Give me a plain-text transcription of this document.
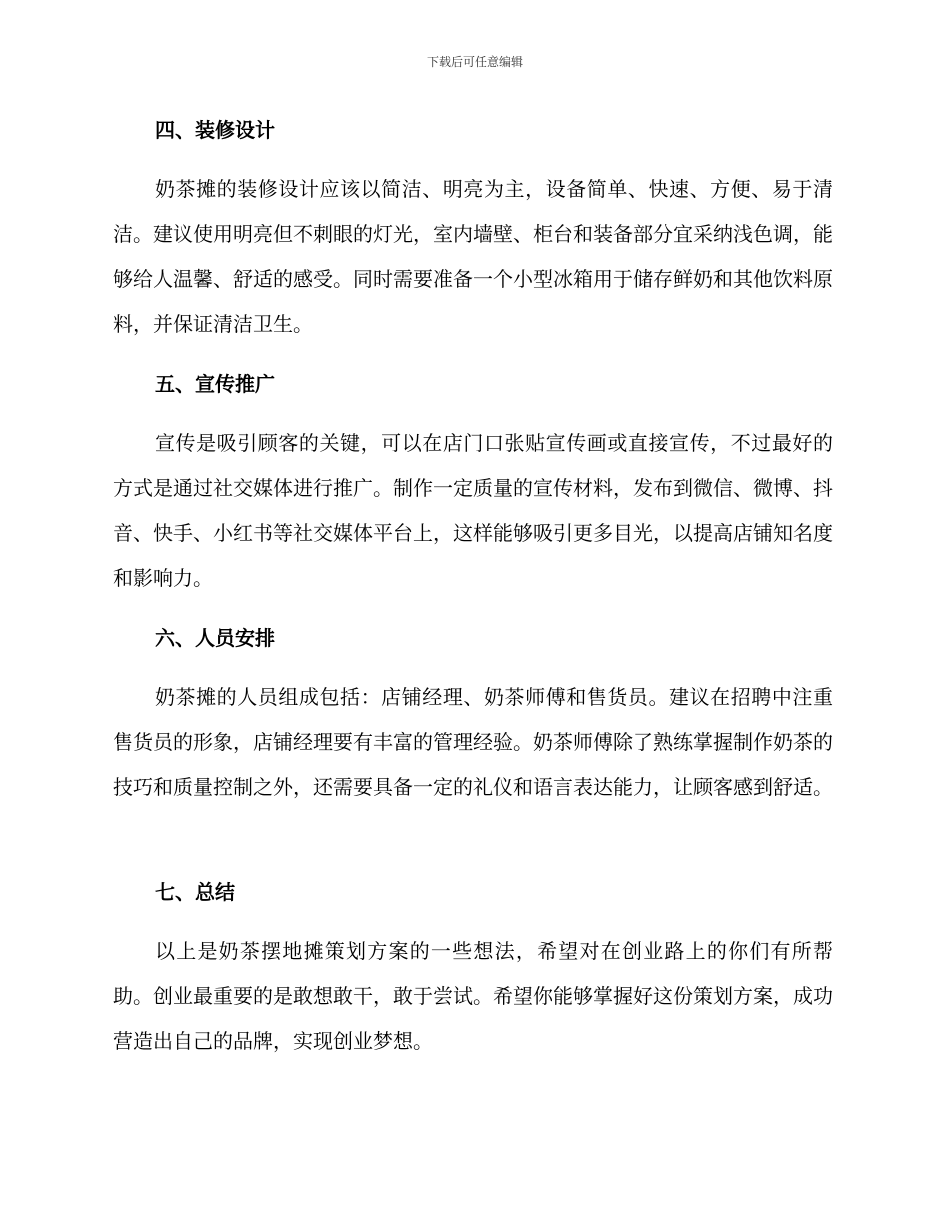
下载后可任意编辑
四、装修设计

奶茶摊的装修设计应该以简洁、明亮为主，设备简单、快速、方便、易于清洁。建议使用明亮但不刺眼的灯光，室内墙壁、柜台和装备部分宜采纳浅色调，能够给人温馨、舒适的感受。同时需要准备一个小型冰箱用于储存鲜奶和其他饮料原料，并保证清洁卫生。

五、宣传推广

宣传是吸引顾客的关键，可以在店门口张贴宣传画或直接宣传，不过最好的方式是通过社交媒体进行推广。制作一定质量的宣传材料，发布到微信、微博、抖音、快手、小红书等社交媒体平台上，这样能够吸引更多目光，以提高店铺知名度和影响力。

六、人员安排

奶茶摊的人员组成包括：店铺经理、奶茶师傅和售货员。建议在招聘中注重售货员的形象，店铺经理要有丰富的管理经验。奶茶师傅除了熟练掌握制作奶茶的技巧和质量控制之外，还需要具备一定的礼仪和语言表达能力，让顾客感到舒适。

七、总结

以上是奶茶摆地摊策划方案的一些想法，希望对在创业路上的你们有所帮助。创业最重要的是敢想敢干，敢于尝试。希望你能够掌握好这份策划方案，成功营造出自己的品牌，实现创业梦想。
